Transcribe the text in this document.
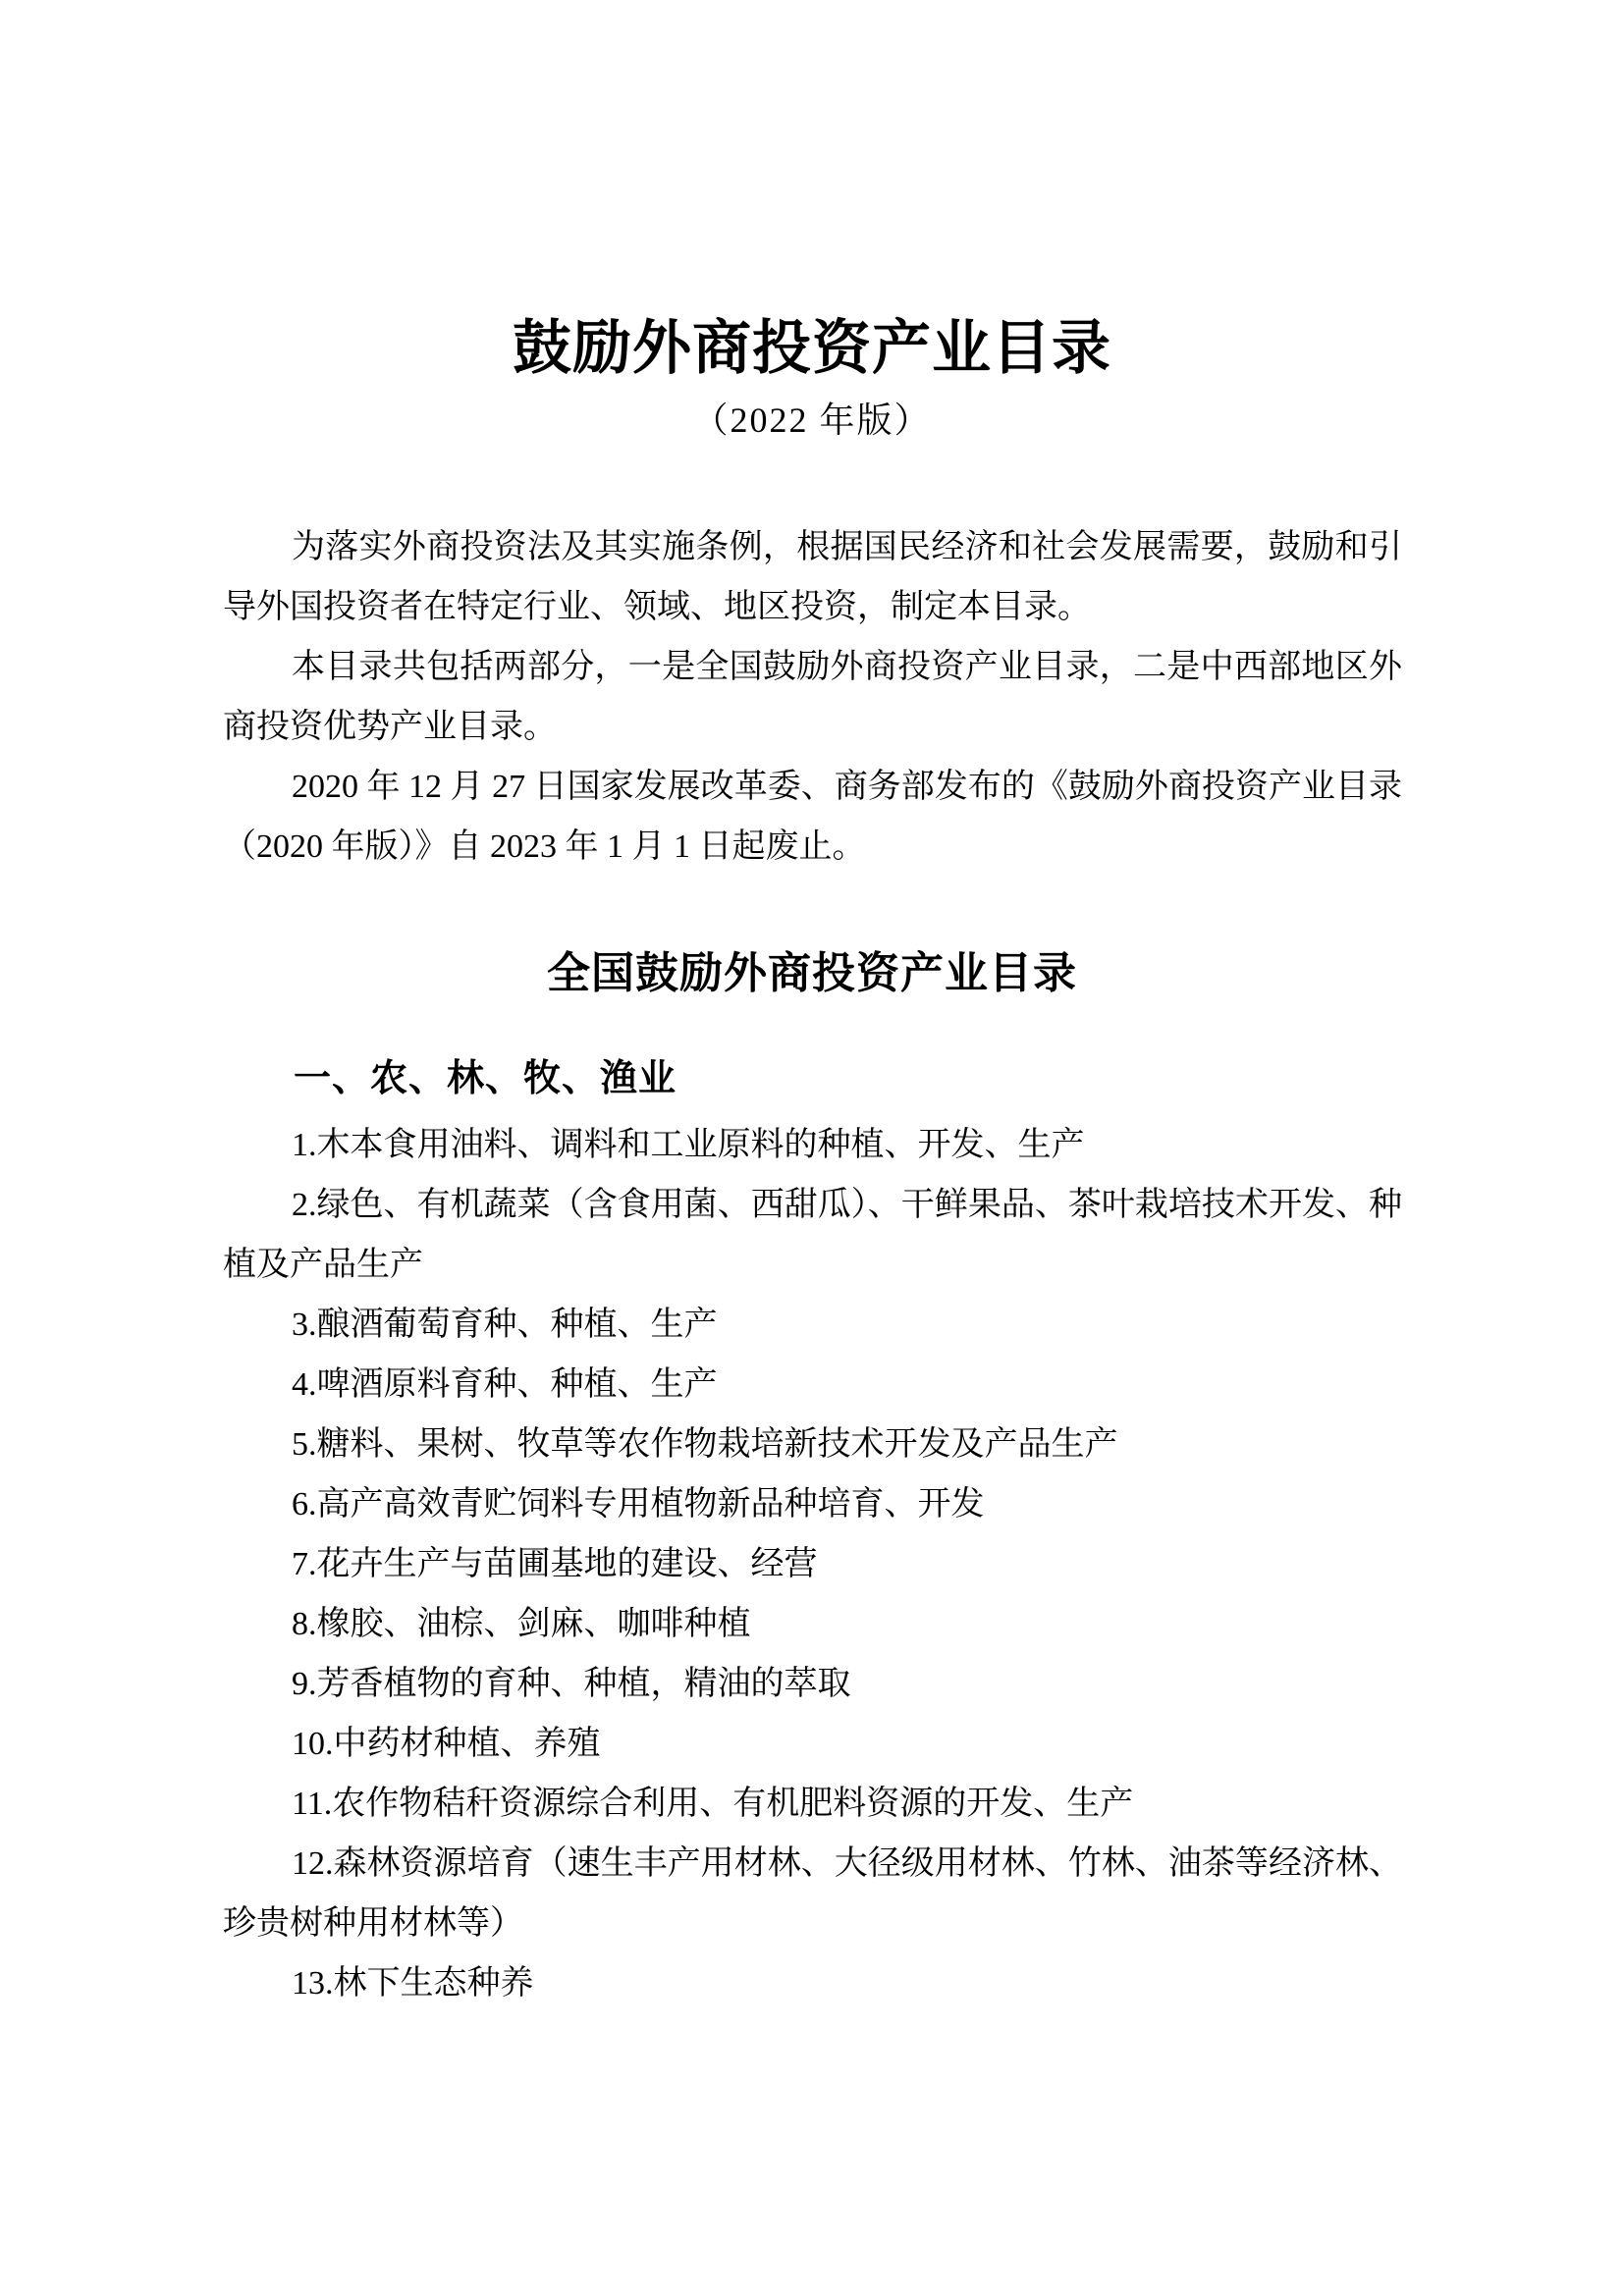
鼓励外商投资产业目录
（2022 年版）

为落实外商投资法及其实施条例，根据国民经济和社会发展需要，鼓励和引导外国投资者在特定行业、领域、地区投资，制定本目录。

本目录共包括两部分，一是全国鼓励外商投资产业目录，二是中西部地区外商投资优势产业目录。

2020 年 12 月 27 日国家发展改革委、商务部发布的《鼓励外商投资产业目录（2020 年版）》自 2023 年 1 月 1 日起废止。

全国鼓励外商投资产业目录
一、农、林、牧、渔业

1.木本食用油料、调料和工业原料的种植、开发、生产

2.绿色、有机蔬菜（含食用菌、西甜瓜）、干鲜果品、茶叶栽培技术开发、种植及产品生产

3.酿酒葡萄育种、种植、生产

4.啤酒原料育种、种植、生产

5.糖料、果树、牧草等农作物栽培新技术开发及产品生产

6.高产高效青贮饲料专用植物新品种培育、开发

7.花卉生产与苗圃基地的建设、经营

8.橡胶、油棕、剑麻、咖啡种植

9.芳香植物的育种、种植，精油的萃取

10.中药材种植、养殖

11.农作物秸秆资源综合利用、有机肥料资源的开发、生产

12.森林资源培育（速生丰产用材林、大径级用材林、竹林、油茶等经济林、珍贵树种用材林等）

13.林下生态种养
